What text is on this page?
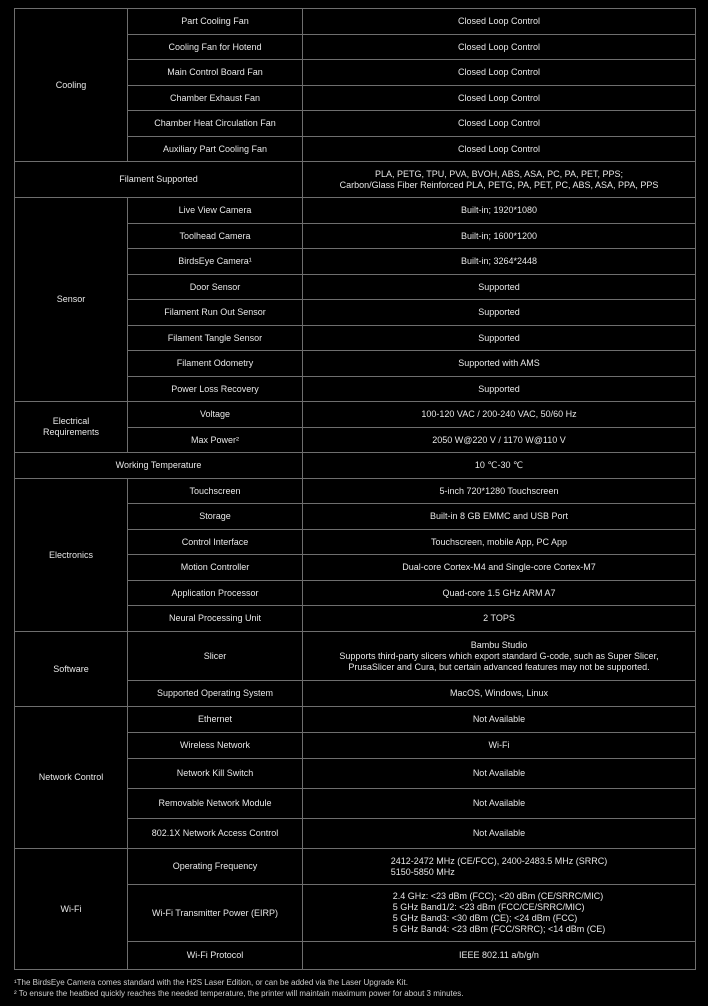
Cooling	Part Cooling Fan	Closed Loop Control
	Cooling Fan for Hotend	Closed Loop Control
	Main Control Board Fan	Closed Loop Control
	Chamber Exhaust Fan	Closed Loop Control
	Chamber Heat Circulation Fan	Closed Loop Control
	Auxiliary Part Cooling Fan	Closed Loop Control
Filament Supported		PLA, PETG, TPU, PVA, BVOH, ABS, ASA, PC, PA, PET, PPS;
Carbon/Glass Fiber Reinforced PLA, PETG, PA, PET, PC, ABS, ASA, PPA, PPS
Sensor	Live View Camera	Built-in; 1920*1080
	Toolhead Camera	Built-in; 1600*1200
	BirdsEye Camera¹	Built-in; 3264*2448
	Door Sensor	Supported
	Filament Run Out Sensor	Supported
	Filament Tangle Sensor	Supported
	Filament Odometry	Supported with AMS
	Power Loss Recovery	Supported
Electrical
Requirements	Voltage	100-120 VAC / 200-240 VAC, 50/60 Hz
	Max Power²	2050 W@220 V / 1170 W@110 V
Working Temperature		10 ℃-30 ℃
Electronics	Touchscreen	5-inch 720*1280 Touchscreen
	Storage	Built-in 8 GB EMMC and USB Port
	Control Interface	Touchscreen, mobile App, PC App
	Motion Controller	Dual-core Cortex-M4 and Single-core Cortex-M7
	Application Processor	Quad-core 1.5 GHz ARM A7
	Neural Processing Unit	2 TOPS
Software	Slicer	Bambu Studio
Supports third-party slicers which export standard G-code, such as Super Slicer,
PrusaSlicer and Cura, but certain advanced features may not be supported.
	Supported Operating System	MacOS, Windows, Linux
Network Control	Ethernet	Not Available
	Wireless Network	Wi-Fi
	Network Kill Switch	Not Available
	Removable Network Module	Not Available
	802.1X Network Access Control	Not Available
Wi-Fi	Operating Frequency	2412-2472 MHz (CE/FCC), 2400-2483.5 MHz (SRRC)
5150-5850 MHz
	Wi-Fi Transmitter Power (EIRP)	2.4 GHz: <23 dBm (FCC); <20 dBm (CE/SRRC/MIC)
5 GHz Band1/2: <23 dBm (FCC/CE/SRRC/MIC)
5 GHz Band3: <30 dBm (CE); <24 dBm (FCC)
5 GHz Band4: <23 dBm (FCC/SRRC); <14 dBm (CE)
	Wi-Fi Protocol	IEEE 802.11 a/b/g/n
¹The BirdsEye Camera comes standard with the H2S Laser Edition, or can be added via the Laser Upgrade Kit.
² To ensure the heatbed quickly reaches the needed temperature, the printer will maintain maximum power for about 3 minutes.
